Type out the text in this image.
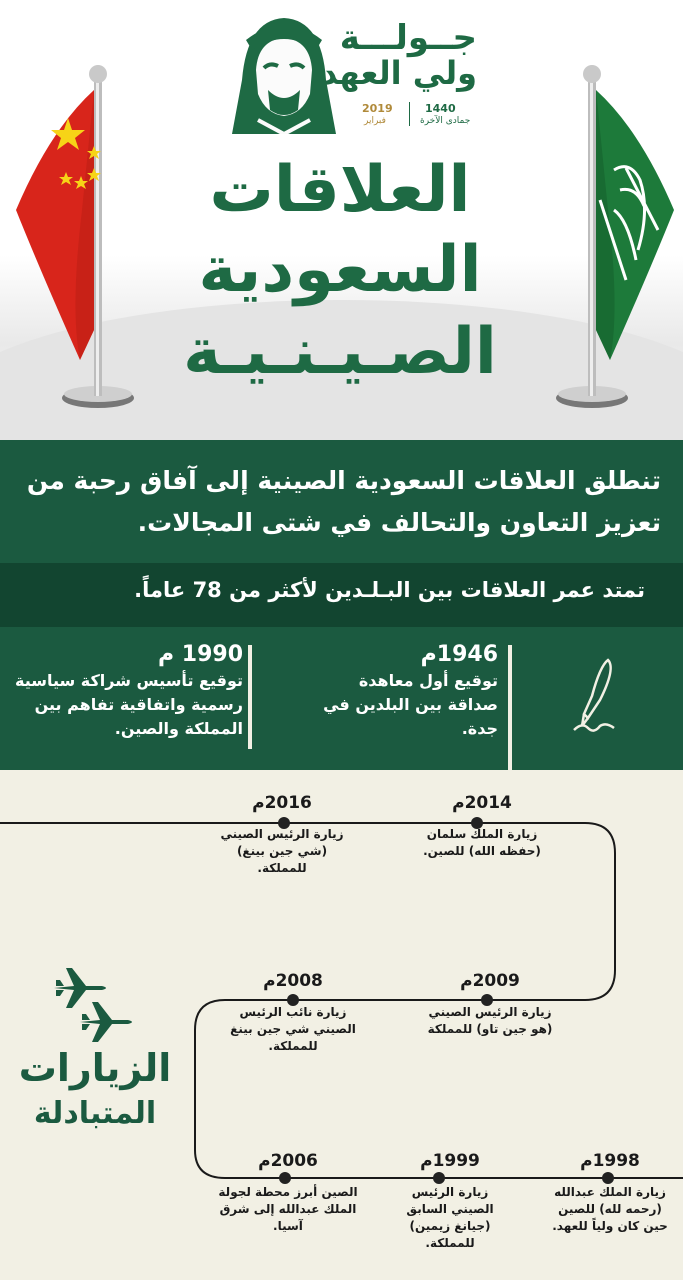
جــولـــة
ولي العهد
2019
فبراير
1440
جمادى الآخرة
العلاقات
السعودية
الصـيـنـيـة
تنطلق العلاقات السعودية الصينية إلى آفاق رحبة من تعزيز التعاون والتحالف في شتى المجالات.
تمتد عمر العلاقات بين البـلـدين لأكثر من 78 عاماً.
1946م
توقيع أول معاهدة صداقة بين البلدين في جدة.
1990 م
توقيع تأسيس شراكة سياسية رسمية واتفاقية تفاهم بين المملكة والصين.
2014م
زيارة الملك سلمان (حفظه الله) للصين.
2016م
زيارة الرئيس الصيني (شي جين بينغ) للمملكة.
2009م
زيارة الرئيس الصيني (هو جين تاو) للمملكة
2008م
زيارة نائب الرئيس الصيني شي جين بينغ للمملكة.
1998م
زيارة الملك عبدالله (رحمه لله) للصين حين كان ولياً للعهد.
1999م
زيارة الرئيس الصيني السابق (جيانغ زيمين) للمملكة.
2006م
الصين أبرز محطة لجولة الملك عبدالله إلى شرق آسيا.
الزيارات
المتبادلة
